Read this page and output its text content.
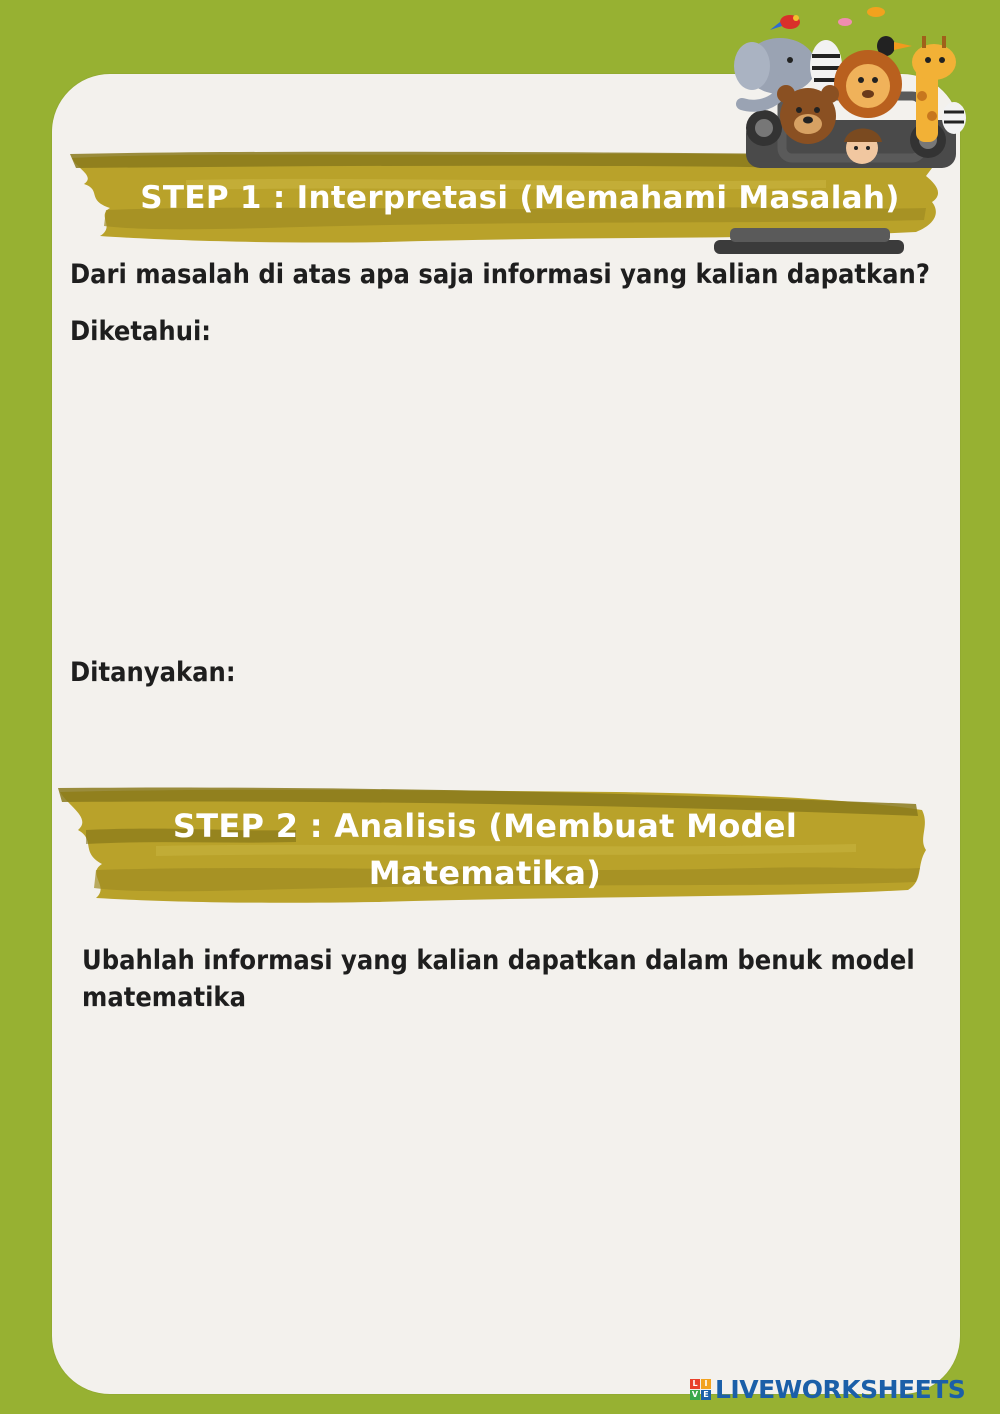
STEP 1 : Interpretasi (Memahami Masalah)
Dari masalah di atas apa saja informasi yang kalian dapatkan?
Diketahui:
Ditanyakan:
STEP 2 : Analisis (Membuat Model
Matematika)
Ubahlah informasi yang kalian dapatkan dalam benuk model
matematika
L I
V E LIVEWORKSHEETS
